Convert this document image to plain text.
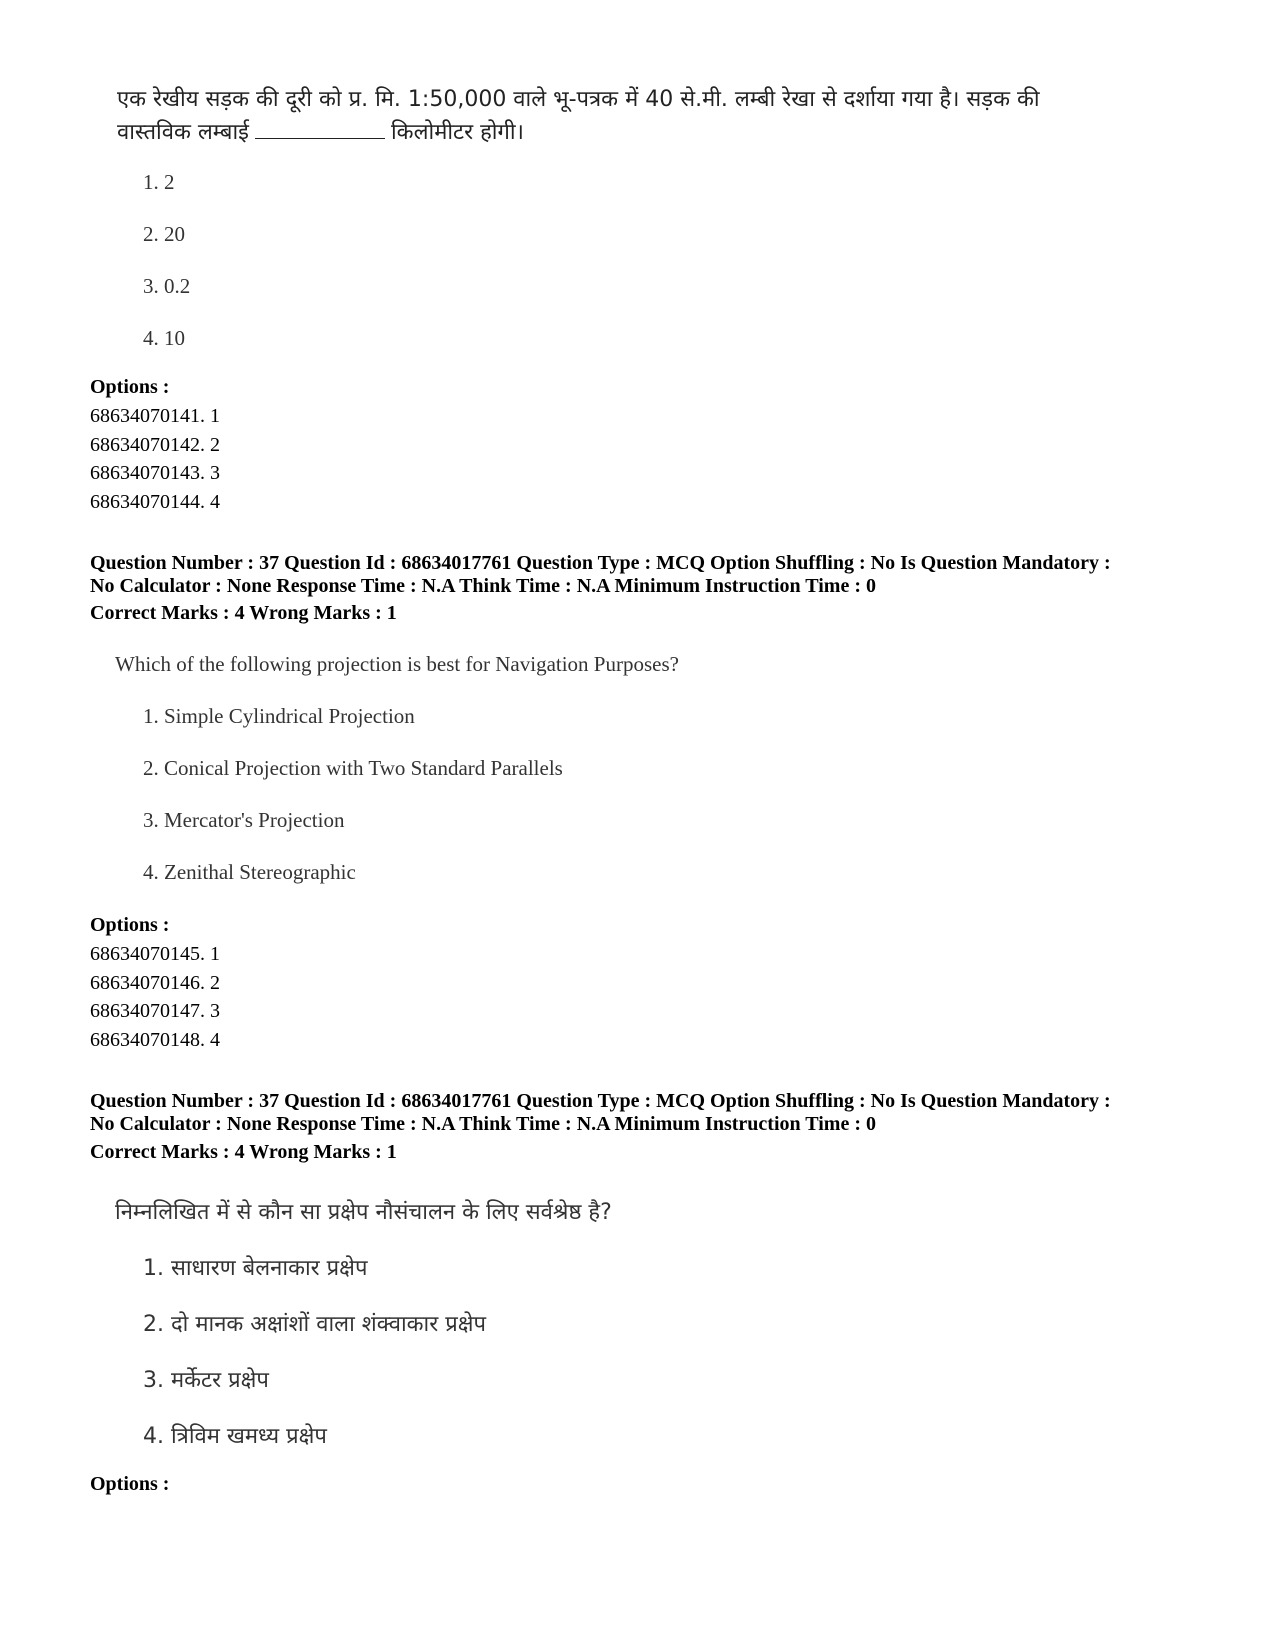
एक रेखीय सड़क की दूरी को प्र. मि. 1:50,000 वाले भू-पत्रक में 40 से.मी. लम्बी रेखा से दर्शाया गया है। सड़क की
वास्तविक लम्बाई	किलोमीटर होगी।
1. 2
2. 20
3. 0.2
4. 10
Options :
68634070141. 1
68634070142. 2
68634070143. 3
68634070144. 4
Question Number : 37 Question Id : 68634017761 Question Type : MCQ Option Shuffling : No Is Question Mandatory :
No Calculator : None Response Time : N.A Think Time : N.A Minimum Instruction Time : 0
Correct Marks : 4 Wrong Marks : 1
Which of the following projection is best for Navigation Purposes?
1. Simple Cylindrical Projection
2. Conical Projection with Two Standard Parallels
3. Mercator's Projection
4. Zenithal Stereographic
Options :
68634070145. 1
68634070146. 2
68634070147. 3
68634070148. 4
Question Number : 37 Question Id : 68634017761 Question Type : MCQ Option Shuffling : No Is Question Mandatory :
No Calculator : None Response Time : N.A Think Time : N.A Minimum Instruction Time : 0
Correct Marks : 4 Wrong Marks : 1
निम्नलिखित में से कौन सा प्रक्षेप नौसंचालन के लिए सर्वश्रेष्ठ है?
1. साधारण बेलनाकार प्रक्षेप
2. दो मानक अक्षांशों वाला शंक्वाकार प्रक्षेप
3. मर्केटर प्रक्षेप
4. त्रिविम खमध्य प्रक्षेप
Options :
